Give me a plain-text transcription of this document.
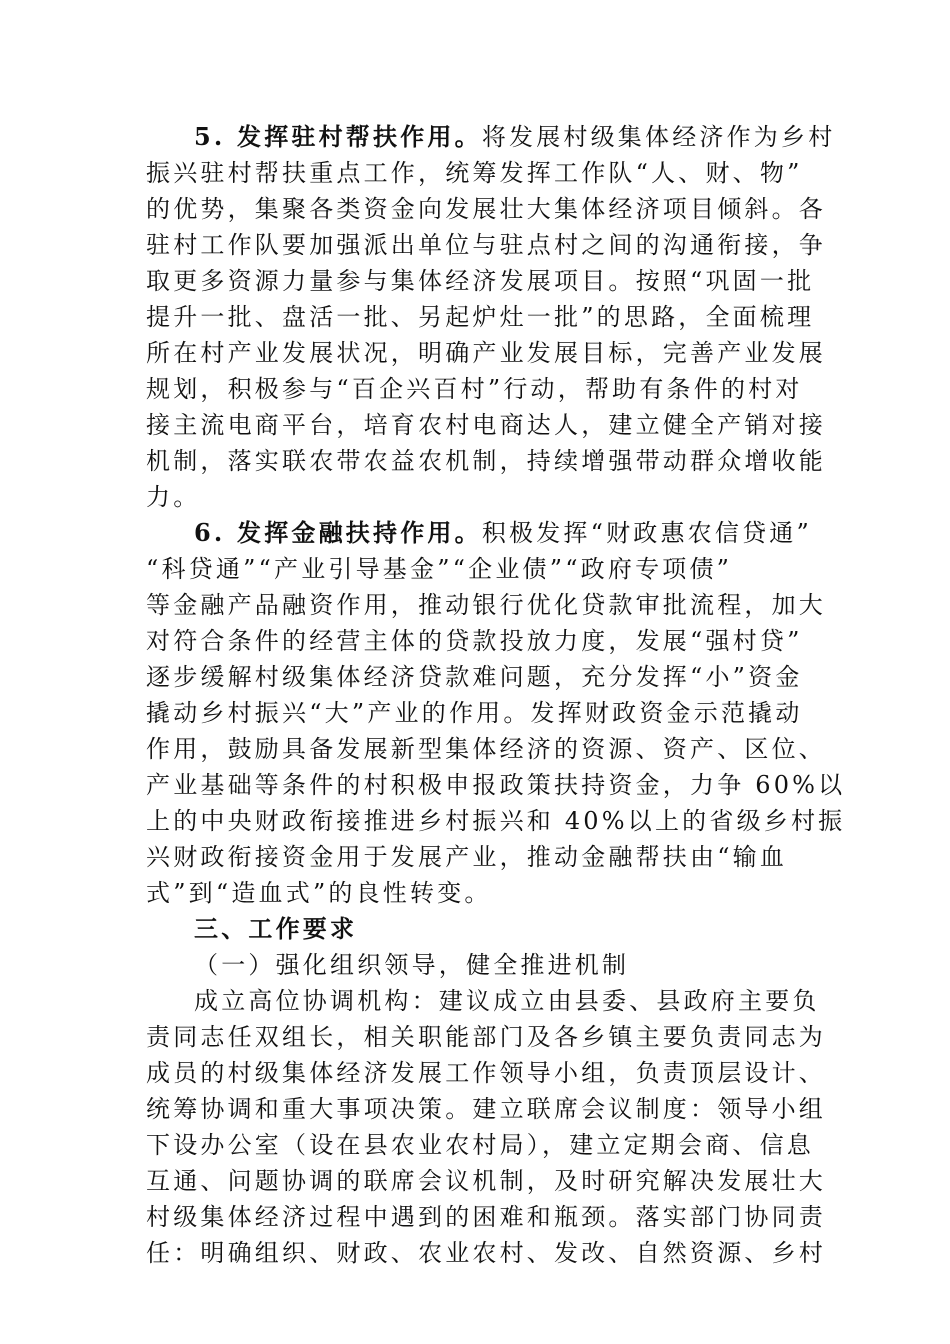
5. 发挥驻村帮扶作用。将发展村级集体经济作为乡村
振兴驻村帮扶重点工作，统筹发挥工作队“人、财、物”
的优势，集聚各类资金向发展壮大集体经济项目倾斜。各
驻村工作队要加强派出单位与驻点村之间的沟通衔接，争
取更多资源力量参与集体经济发展项目。按照“巩固一批
提升一批、盘活一批、另起炉灶一批”的思路，全面梳理
所在村产业发展状况，明确产业发展目标，完善产业发展
规划，积极参与“百企兴百村”行动，帮助有条件的村对
接主流电商平台，培育农村电商达人，建立健全产销对接
机制，落实联农带农益农机制，持续增强带动群众增收能
力。
6. 发挥金融扶持作用。积极发挥“财政惠农信贷通”
“科贷通”“产业引导基金”“企业债”“政府专项债”
等金融产品融资作用，推动银行优化贷款审批流程，加大
对符合条件的经营主体的贷款投放力度，发展“强村贷”
逐步缓解村级集体经济贷款难问题，充分发挥“小”资金
撬动乡村振兴“大”产业的作用。发挥财政资金示范撬动
作用，鼓励具备发展新型集体经济的资源、资产、区位、
产业基础等条件的村积极申报政策扶持资金，力争 60%以
上的中央财政衔接推进乡村振兴和 40%以上的省级乡村振
兴财政衔接资金用于发展产业，推动金融帮扶由“输血
式”到“造血式”的良性转变。
三、工作要求
（一）强化组织领导，健全推进机制
成立高位协调机构：建议成立由县委、县政府主要负
责同志任双组长，相关职能部门及各乡镇主要负责同志为
成员的村级集体经济发展工作领导小组，负责顶层设计、
统筹协调和重大事项决策。建立联席会议制度：领导小组
下设办公室（设在县农业农村局），建立定期会商、信息
互通、问题协调的联席会议机制，及时研究解决发展壮大
村级集体经济过程中遇到的困难和瓶颈。落实部门协同责
任：明确组织、财政、农业农村、发改、自然资源、乡村
